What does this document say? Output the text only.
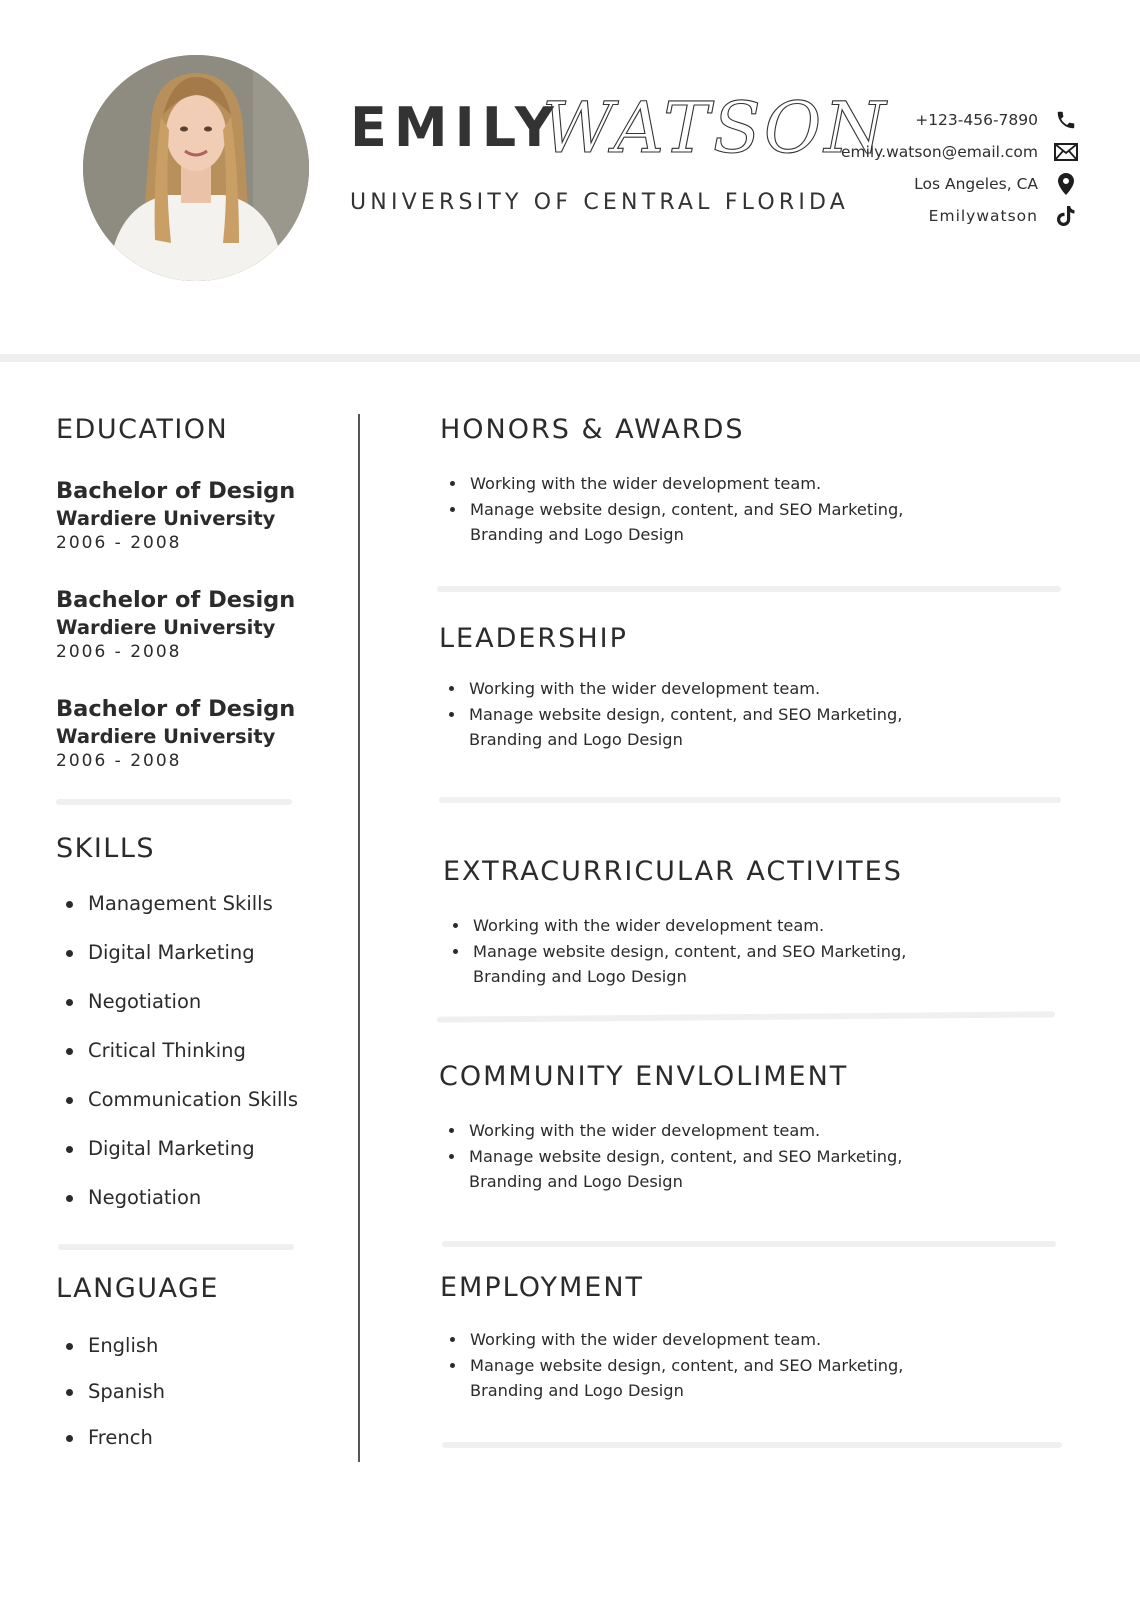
EMILY
WATSON
UNIVERSITY OF CENTRAL FLORIDA
+123-456-7890
emily.watson@email.com
Los Angeles, CA
Emilywatson
EDUCATION
Bachelor of Design
Wardiere University
2006 - 2008
Bachelor of Design
Wardiere University
2006 - 2008
Bachelor of Design
Wardiere University
2006 - 2008
SKILLS
Management Skills
Digital Marketing
Negotiation
Critical Thinking
Communication Skills
Digital Marketing
Negotiation
LANGUAGE
English
Spanish
French
HONORS & AWARDS
Working with the wider development team.
Manage website design, content, and SEO Marketing,
Branding and Logo Design
LEADERSHIP
Working with the wider development team.
Manage website design, content, and SEO Marketing,
Branding and Logo Design
EXTRACURRICULAR ACTIVITES
Working with the wider development team.
Manage website design, content, and SEO Marketing,
Branding and Logo Design
COMMUNITY ENVLOLIMENT
Working with the wider development team.
Manage website design, content, and SEO Marketing,
Branding and Logo Design
EMPLOYMENT
Working with the wider development team.
Manage website design, content, and SEO Marketing,
Branding and Logo Design
